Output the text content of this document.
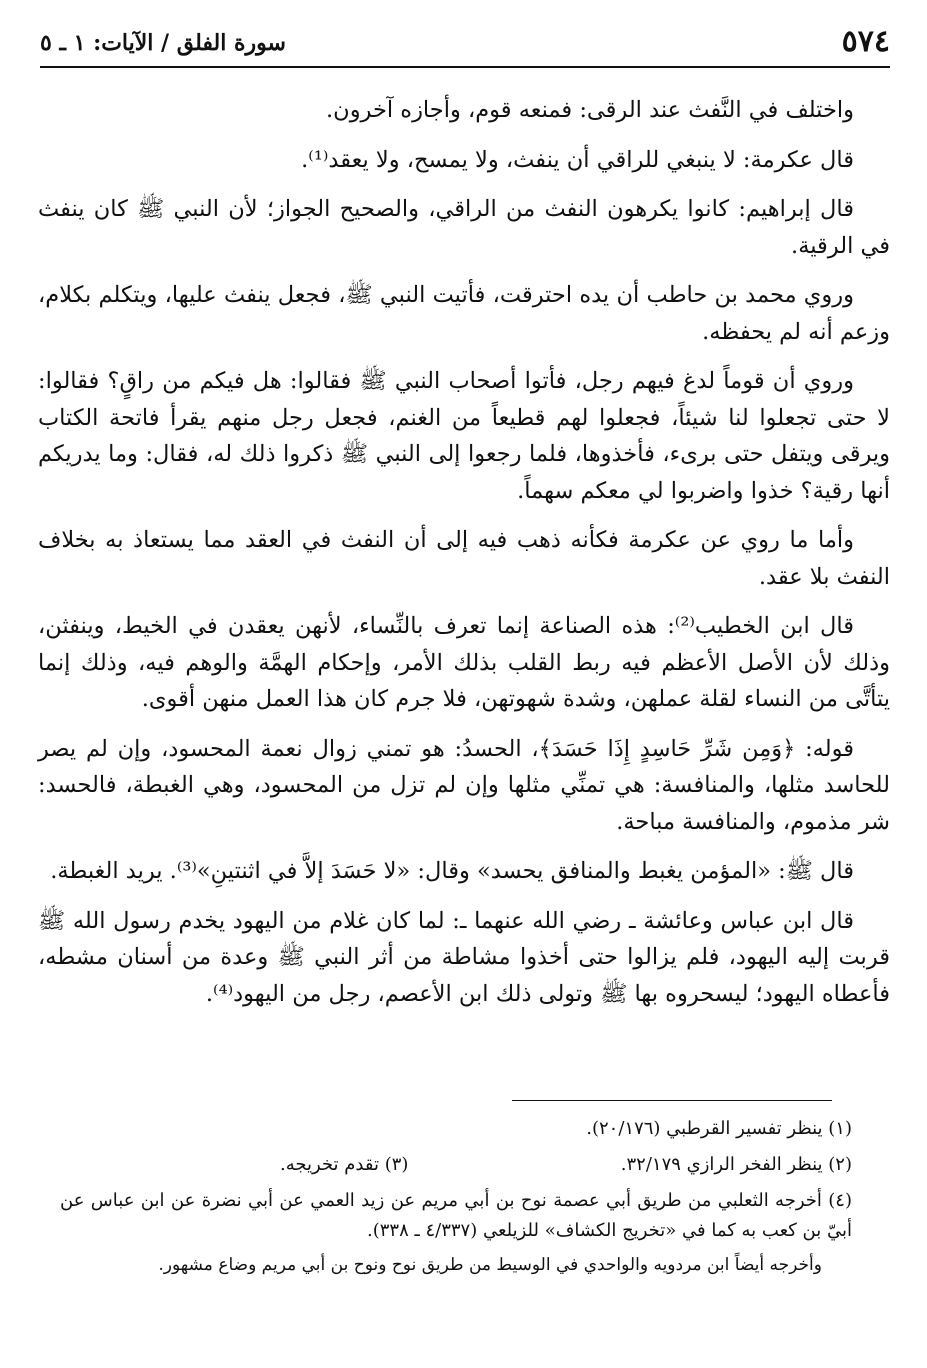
٥٧٤
سورة الفلق / الآيات: ١ ـ ٥

واختلف في النَّفث عند الرقى: فمنعه قوم، وأجازه آخرون.

قال عكرمة: لا ينبغي للراقي أن ينفث، ولا يمسح، ولا يعقد⁽¹⁾.

قال إبراهيم: كانوا يكرهون النفث من الراقي، والصحيح الجواز؛ لأن النبي ﷺ كان ينفث في الرقية.

وروي محمد بن حاطب أن يده احترقت، فأتيت النبي ﷺ، فجعل ينفث عليها، ويتكلم بكلام، وزعم أنه لم يحفظه.

وروي أن قوماً لدغ فيهم رجل، فأتوا أصحاب النبي ﷺ فقالوا: هل فيكم من راقٍ؟ فقالوا: لا حتى تجعلوا لنا شيئاً، فجعلوا لهم قطيعاً من الغنم، فجعل رجل منهم يقرأ فاتحة الكتاب ويرقى ويتفل حتى برىء، فأخذوها، فلما رجعوا إلى النبي ﷺ ذكروا ذلك له، فقال: وما يدريكم أنها رقية؟ خذوا واضربوا لي معكم سهماً.

وأما ما روي عن عكرمة فكأنه ذهب فيه إلى أن النفث في العقد مما يستعاذ به بخلاف النفث بلا عقد.

قال ابن الخطيب⁽²⁾: هذه الصناعة إنما تعرف بالنِّساء، لأنهن يعقدن في الخيط، وينفثن، وذلك لأن الأصل الأعظم فيه ربط القلب بذلك الأمر، وإحكام الهمَّة والوهم فيه، وذلك إنما يتأتَّى من النساء لقلة عملهن، وشدة شهوتهن، فلا جرم كان هذا العمل منهن أقوى.

قوله: ﴿وَمِن شَرِّ حَاسِدٍ إِذَا حَسَدَ﴾، الحسدُ: هو تمني زوال نعمة المحسود، وإن لم يصر للحاسد مثلها، والمنافسة: هي تمنِّي مثلها وإن لم تزل من المحسود، وهي الغبطة، فالحسد: شر مذموم، والمنافسة مباحة.

قال ﷺ: «المؤمن يغبط والمنافق يحسد» وقال: «لا حَسَدَ إلاَّ في اثنتينِ»⁽³⁾. يريد الغبطة.

قال ابن عباس وعائشة ـ رضي الله عنهما ـ: لما كان غلام من اليهود يخدم رسول الله ﷺ قربت إليه اليهود، فلم يزالوا حتى أخذوا مشاطة من أثر النبي ﷺ وعدة من أسنان مشطه، فأعطاه اليهود؛ ليسحروه بها ﷺ وتولى ذلك ابن الأعصم، رجل من اليهود⁽⁴⁾.

(١) ينظر تفسير القرطبي (٢٠/١٧٦).

(٢) ينظر الفخر الرازي ٣٢/١٧٩.
(٣) تقدم تخريجه.

(٤) أخرجه الثعلبي من طريق أبي عصمة نوح بن أبي مريم عن زيد العمي عن أبي نضرة عن ابن عباس عن أبيّ بن كعب به كما في «تخريج الكشاف» للزيلعي (٤/٣٣٧ ـ ٣٣٨).

وأخرجه أيضاً ابن مردويه والواحدي في الوسيط من طريق نوح ونوح بن أبي مريم وضاع مشهور.
